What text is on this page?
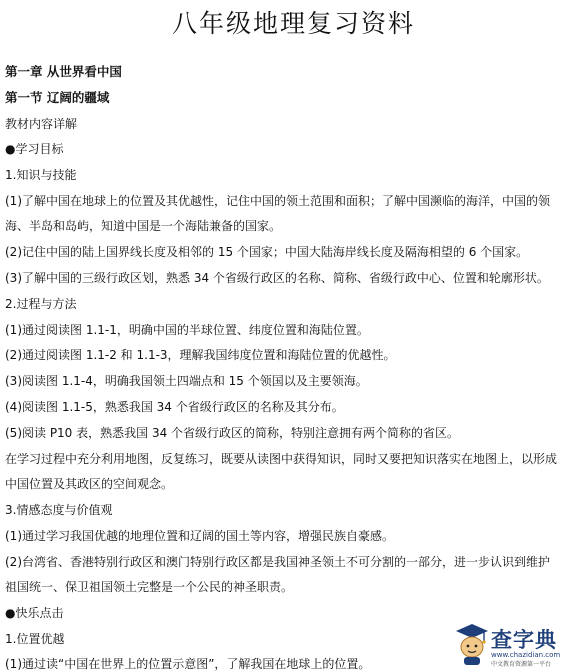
八年级地理复习资料
第一章 从世界看中国
第一节 辽阔的疆域
教材内容详解
●学习目标
1.知识与技能
(1)了解中国在地球上的位置及其优越性，记住中国的领土范围和面积；了解中国濒临的海洋，中国的领
海、半岛和岛屿，知道中国是一个海陆兼备的国家。
(2)记住中国的陆上国界线长度及相邻的 15 个国家；中国大陆海岸线长度及隔海相望的 6 个国家。
(3)了解中国的三级行政区划，熟悉 34 个省级行政区的名称、简称、省级行政中心、位置和轮廓形状。
2.过程与方法
(1)通过阅读图 1.1-1，明确中国的半球位置、纬度位置和海陆位置。
(2)通过阅读图 1.1-2 和 1.1-3，理解我国纬度位置和海陆位置的优越性。
(3)阅读图 1.1-4，明确我国领土四端点和 15 个领国以及主要领海。
(4)阅读图 1.1-5，熟悉我国 34 个省级行政区的名称及其分布。
(5)阅读 P10 表，熟悉我国 34 个省级行政区的简称，特别注意拥有两个简称的省区。
在学习过程中充分利用地图，反复练习，既要从读图中获得知识，同时又要把知识落实在地图上，以形成
中国位置及其政区的空间观念。
3.情感态度与价值观
(1)通过学习我国优越的地理位置和辽阔的国土等内容，增强民族自豪感。
(2)台湾省、香港特别行政区和澳门特别行政区都是我国神圣领土不可分割的一部分，进一步认识到维护
祖国统一、保卫祖国领土完整是一个公民的神圣职责。
●快乐点击
1.位置优越
(1)通过读“中国在世界上的位置示意图”，了解我国在地球上的位置。
查字典
www.chazidian.com
中文教育资源第一平台
